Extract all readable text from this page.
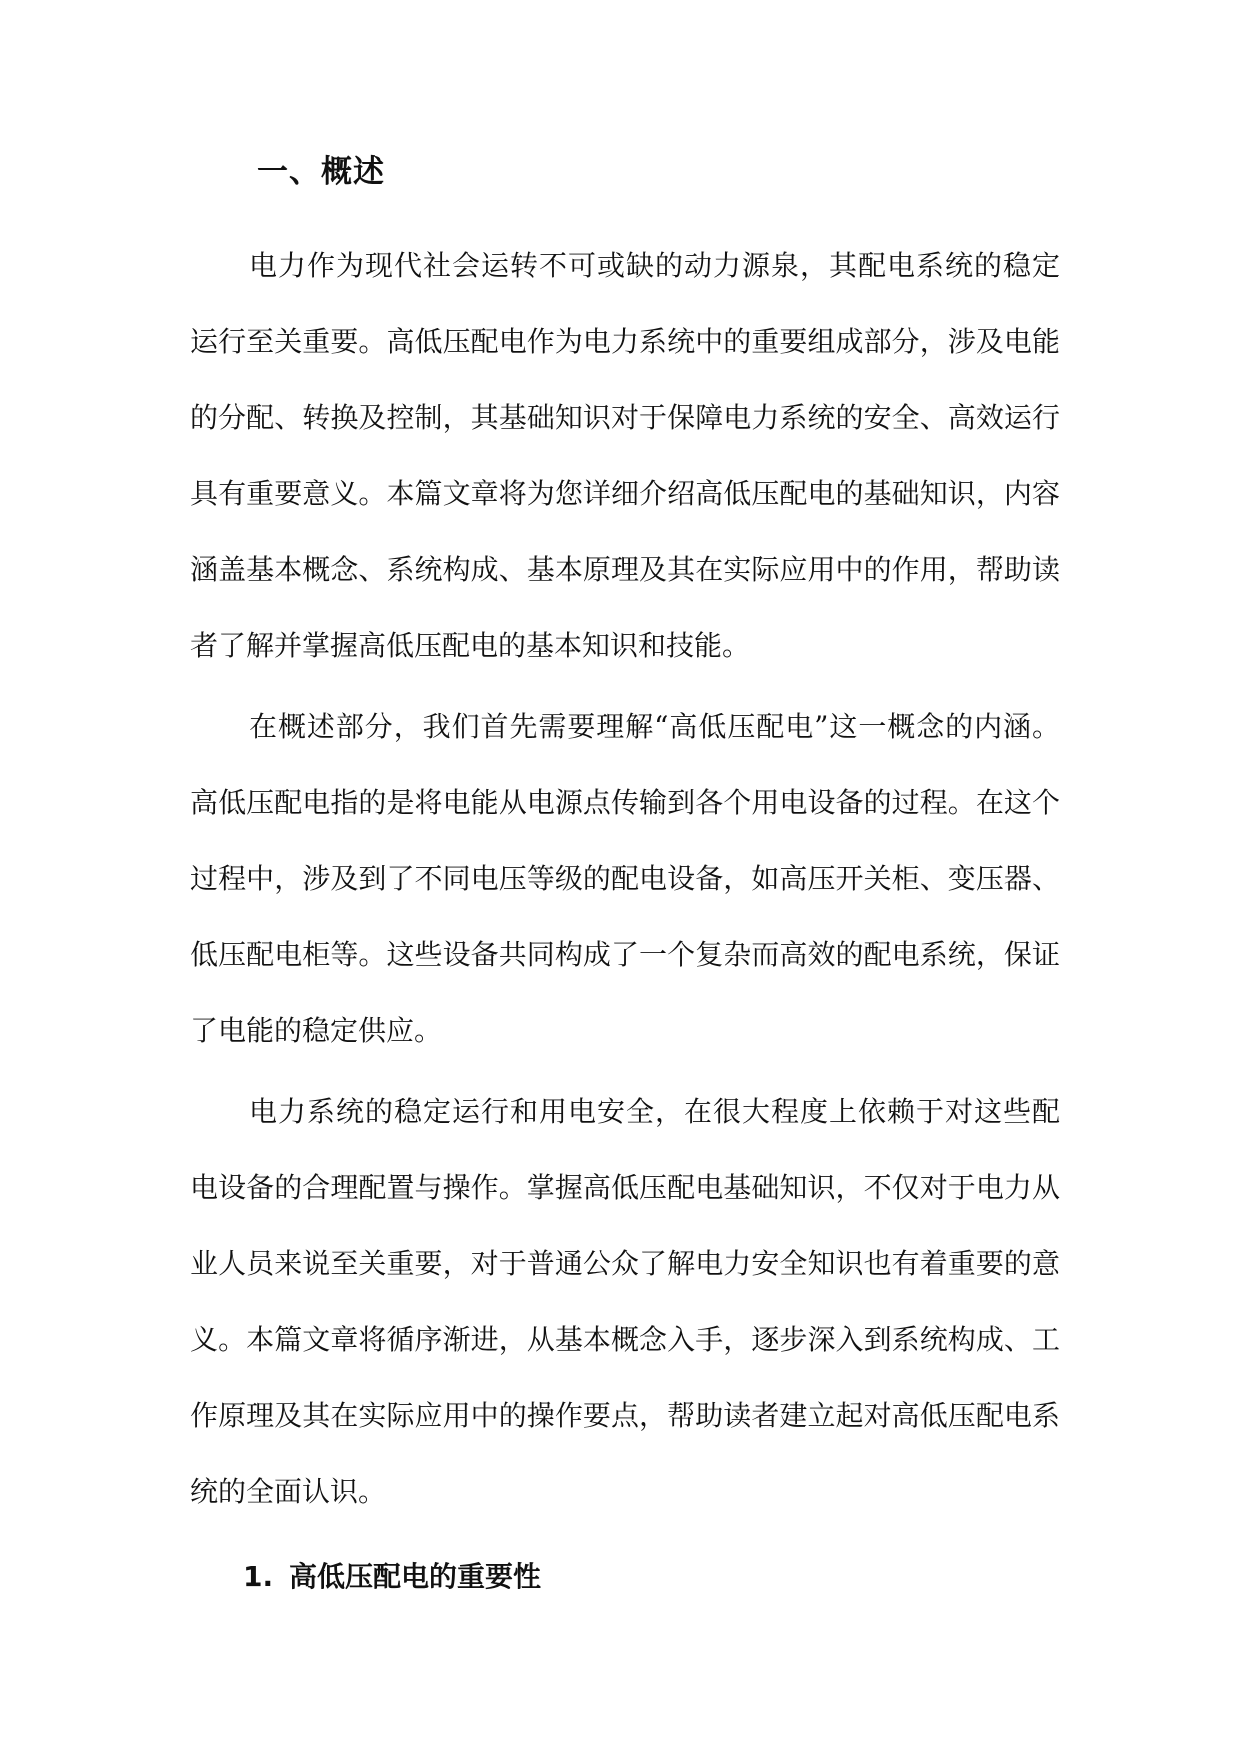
一、概述

电力作为现代社会运转不可或缺的动力源泉，其配电系统的稳定运行至关重要。高低压配电作为电力系统中的重要组成部分，涉及电能的分配、转换及控制，其基础知识对于保障电力系统的安全、高效运行具有重要意义。本篇文章将为您详细介绍高低压配电的基础知识，内容涵盖基本概念、系统构成、基本原理及其在实际应用中的作用，帮助读者了解并掌握高低压配电的基本知识和技能。

在概述部分，我们首先需要理解“高低压配电”这一概念的内涵。高低压配电指的是将电能从电源点传输到各个用电设备的过程。在这个过程中，涉及到了不同电压等级的配电设备，如高压开关柜、变压器、低压配电柜等。这些设备共同构成了一个复杂而高效的配电系统，保证了电能的稳定供应。

电力系统的稳定运行和用电安全，在很大程度上依赖于对这些配电设备的合理配置与操作。掌握高低压配电基础知识，不仅对于电力从业人员来说至关重要，对于普通公众了解电力安全知识也有着重要的意义。本篇文章将循序渐进，从基本概念入手，逐步深入到系统构成、工作原理及其在实际应用中的操作要点，帮助读者建立起对高低压配电系统的全面认识。

1. 高低压配电的重要性
